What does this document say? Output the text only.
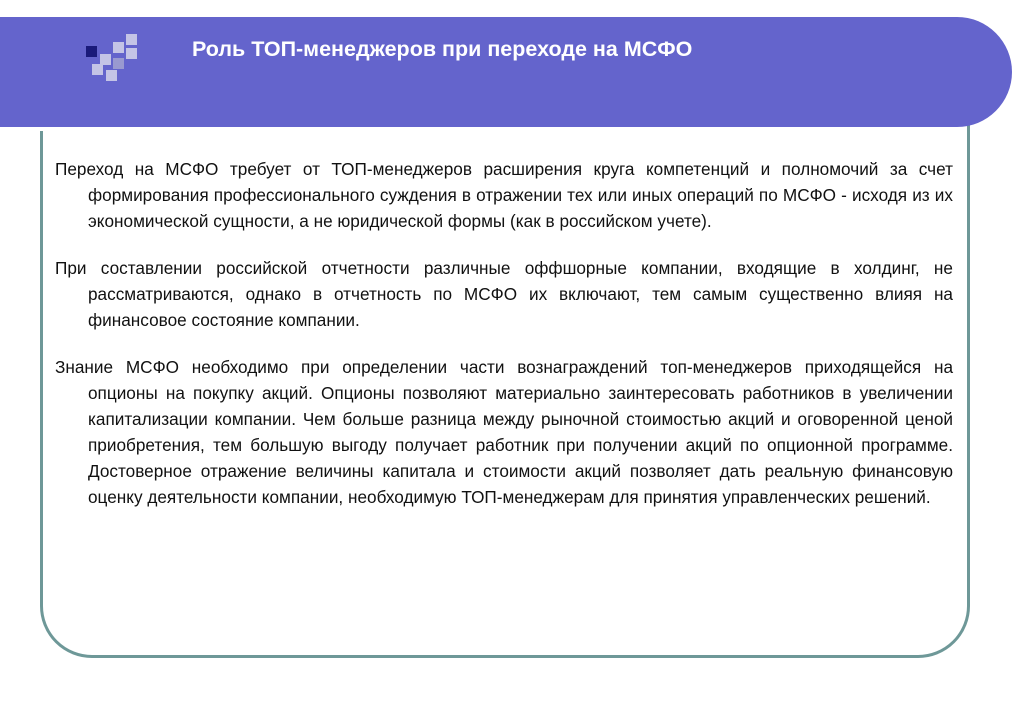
Роль ТОП-менеджеров при переходе на МСФО

Переход на МСФО требует от ТОП-менеджеров расширения круга компетенций и полномочий за счет формирования профессионального суждения в отражении тех или иных операций по МСФО - исходя из их экономической сущности, а не юридической формы (как в российском учете).

При составлении российской отчетности различные оффшорные компании, входящие в холдинг, не рассматриваются, однако в отчетность по МСФО их включают, тем самым существенно влияя на финансовое состояние компании.

Знание МСФО необходимо при определении части вознаграждений топ-менеджеров приходящейся на опционы на покупку акций. Опционы позволяют материально заинтересовать работников в увеличении капитализации компании. Чем больше разница между рыночной стоимостью акций и оговоренной ценой приобретения, тем большую выгоду получает работник при получении акций по опционной программе. Достоверное отражение величины капитала и стоимости акций позволяет дать реальную финансовую оценку деятельности компании, необходимую ТОП-менеджерам для принятия управленческих решений.
